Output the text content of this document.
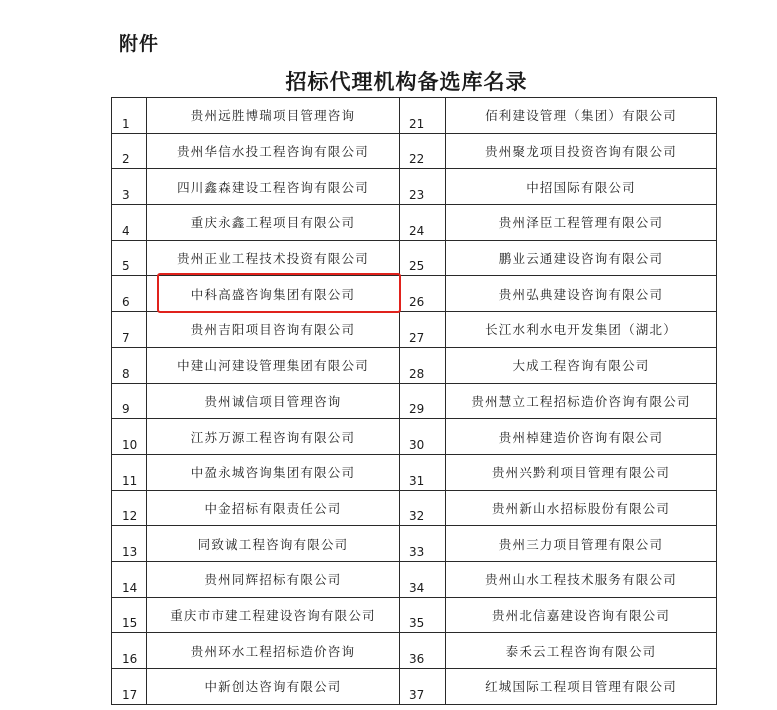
附件
招标代理机构备选库名录
1	贵州远胜博瑞项目管理咨询	21	佰利建设管理（集团）有限公司
2	贵州华信水投工程咨询有限公司	22	贵州聚龙项目投资咨询有限公司
3	四川鑫森建设工程咨询有限公司	23	中招国际有限公司
4	重庆永鑫工程项目有限公司	24	贵州泽臣工程管理有限公司
5	贵州正业工程技术投资有限公司	25	鹏业云通建设咨询有限公司
6	中科高盛咨询集团有限公司	26	贵州弘典建设咨询有限公司
7	贵州吉阳项目咨询有限公司	27	长江水利水电开发集团（湖北）
8	中建山河建设管理集团有限公司	28	大成工程咨询有限公司
9	贵州诚信项目管理咨询	29	贵州慧立工程招标造价咨询有限公司
10	江苏万源工程咨询有限公司	30	贵州棹建造价咨询有限公司
11	中盈永城咨询集团有限公司	31	贵州兴黔利项目管理有限公司
12	中金招标有限责任公司	32	贵州新山水招标股份有限公司
13	同致诚工程咨询有限公司	33	贵州三力项目管理有限公司
14	贵州同辉招标有限公司	34	贵州山水工程技术服务有限公司
15	重庆市市建工程建设咨询有限公司	35	贵州北信嘉建设咨询有限公司
16	贵州环水工程招标造价咨询	36	泰禾云工程咨询有限公司
17	中新创达咨询有限公司	37	红城国际工程项目管理有限公司
